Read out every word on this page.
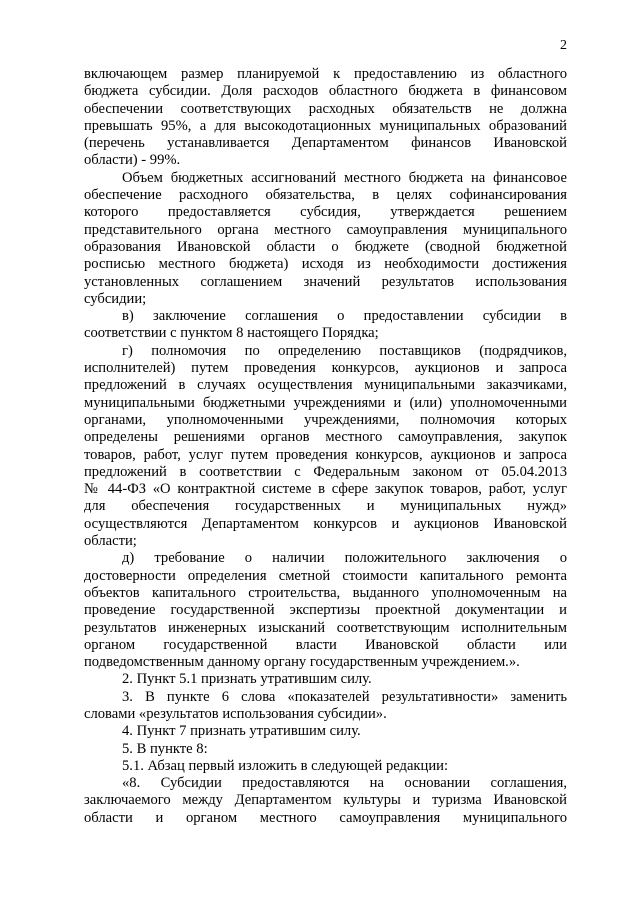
2
включающем размер планируемой к предоставлению из областного
бюджета субсидии. Доля расходов областного бюджета в финансовом
обеспечении соответствующих расходных обязательств не должна
превышать 95%, а для высокодотационных муниципальных образований
(перечень устанавливается Департаментом финансов Ивановской
области) - 99%.
Объем бюджетных ассигнований местного бюджета на финансовое
обеспечение расходного обязательства, в целях софинансирования
которого предоставляется субсидия, утверждается решением
представительного органа местного самоуправления муниципального
образования Ивановской области о бюджете (сводной бюджетной
росписью местного бюджета) исходя из необходимости достижения
установленных соглашением значений результатов использования
субсидии;
в) заключение соглашения о предоставлении субсидии в
соответствии с пунктом 8 настоящего Порядка;
г) полномочия по определению поставщиков (подрядчиков,
исполнителей) путем проведения конкурсов, аукционов и запроса
предложений в случаях осуществления муниципальными заказчиками,
муниципальными бюджетными учреждениями и (или) уполномоченными
органами, уполномоченными учреждениями, полномочия которых
определены решениями органов местного самоуправления, закупок
товаров, работ, услуг путем проведения конкурсов, аукционов и запроса
предложений в соответствии с Федеральным законом от 05.04.2013
№ 44-ФЗ «О контрактной системе в сфере закупок товаров, работ, услуг
для обеспечения государственных и муниципальных нужд»
осуществляются Департаментом конкурсов и аукционов Ивановской
области;
д) требование о наличии положительного заключения о
достоверности определения сметной стоимости капитального ремонта
объектов капитального строительства, выданного уполномоченным на
проведение государственной экспертизы проектной документации и
результатов инженерных изысканий соответствующим исполнительным
органом государственной власти Ивановской области или
подведомственным данному органу государственным учреждением.».
2. Пункт 5.1 признать утратившим силу.
3. В пункте 6 слова «показателей результативности» заменить
словами «результатов использования субсидии».
4. Пункт 7 признать утратившим силу.
5. В пункте 8:
5.1. Абзац первый изложить в следующей редакции:
«8. Субсидии предоставляются на основании соглашения,
заключаемого между Департаментом культуры и туризма Ивановской
области и органом местного самоуправления муниципального
